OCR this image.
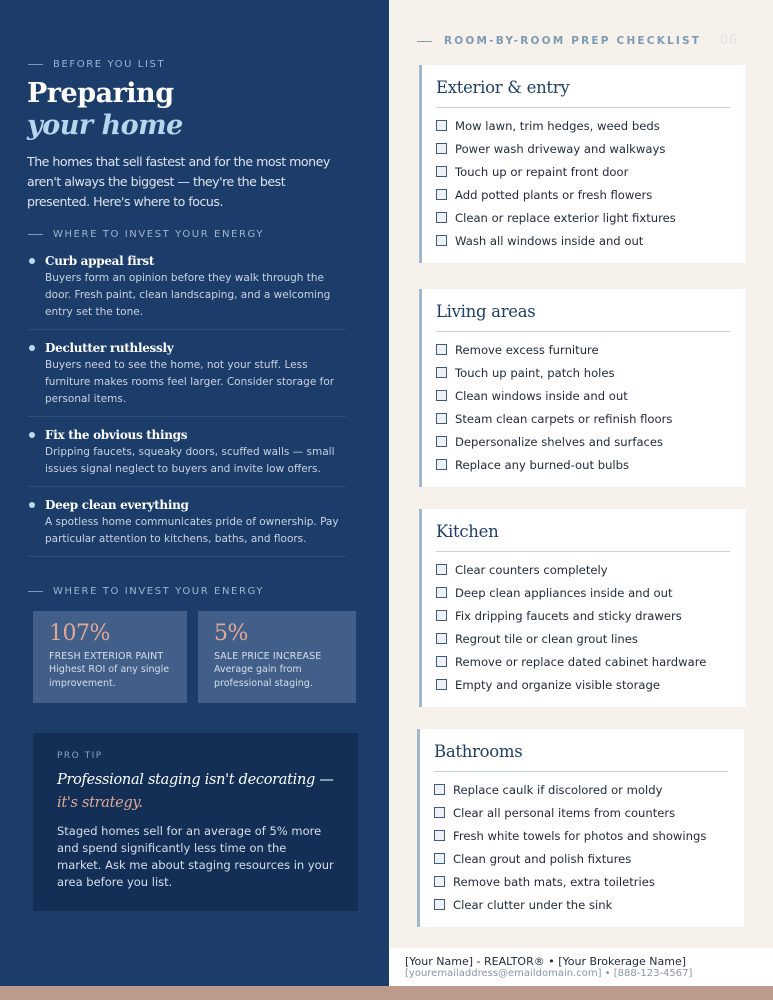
BEFORE YOU LIST
Preparing
your home

The homes that sell fastest and for the most money aren't always the biggest — they're the best presented. Here's where to focus.

WHERE TO INVEST YOUR ENERGY
Curb appeal first
Buyers form an opinion before they walk through the door. Fresh paint, clean landscaping, and a welcoming entry set the tone.
Declutter ruthlessly
Buyers need to see the home, not your stuff. Less furniture makes rooms feel larger. Consider storage for personal items.
Fix the obvious things
Dripping faucets, squeaky doors, scuffed walls — small issues signal neglect to buyers and invite low offers.
Deep clean everything
A spotless home communicates pride of ownership. Pay particular attention to kitchens, baths, and floors.
WHERE TO INVEST YOUR ENERGY
107%
FRESH EXTERIOR PAINT
Highest ROI of any single improvement.
5%
SALE PRICE INCREASE
Average gain from professional staging.
PRO TIP
Professional staging isn't decorating — it's strategy.
Staged homes sell for an average of 5% more and spend significantly less time on the market. Ask me about staging resources in your area before you list.
ROOM-BY-ROOM PREP CHECKLIST 06
Exterior & entry
Mow lawn, trim hedges, weed beds
Power wash driveway and walkways
Touch up or repaint front door
Add potted plants or fresh flowers
Clean or replace exterior light fixtures
Wash all windows inside and out
Living areas
Remove excess furniture
Touch up paint, patch holes
Clean windows inside and out
Steam clean carpets or refinish floors
Depersonalize shelves and surfaces
Replace any burned-out bulbs
Kitchen
Clear counters completely
Deep clean appliances inside and out
Fix dripping faucets and sticky drawers
Regrout tile or clean grout lines
Remove or replace dated cabinet hardware
Empty and organize visible storage
Bathrooms
Replace caulk if discolored or moldy
Clear all personal items from counters
Fresh white towels for photos and showings
Clean grout and polish fixtures
Remove bath mats, extra toiletries
Clear clutter under the sink
[Your Name] - REALTOR® • [Your Brokerage Name]
[youremailaddress@emaildomain.com] • [888-123-4567]
